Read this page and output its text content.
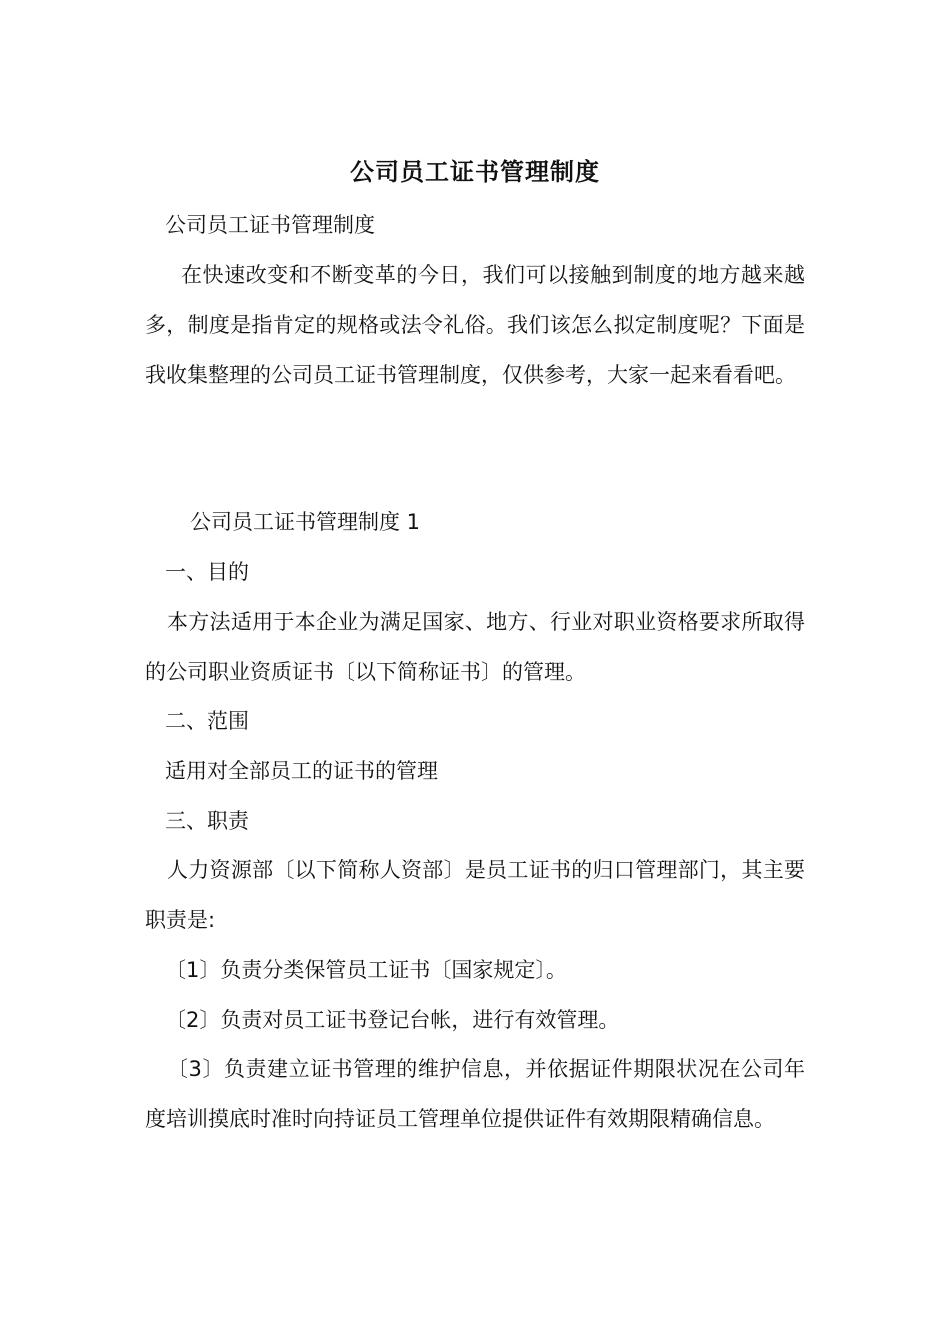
公司员工证书管理制度
公司员工证书管理制度
在快速改变和不断变革的今日，我们可以接触到制度的地方越来越多，制度是指肯定的规格或法令礼俗。我们该怎么拟定制度呢？下面是我收集整理的公司员工证书管理制度，仅供参考，大家一起来看看吧。
公司员工证书管理制度 1
一、目的
本方法适用于本企业为满足国家、地方、行业对职业资格要求所取得的公司职业资质证书〔以下简称证书〕的管理。
二、范围
适用对全部员工的证书的管理
三、职责
人力资源部〔以下简称人资部〕是员工证书的归口管理部门，其主要职责是:
〔1〕负责分类保管员工证书〔国家规定〕。
〔2〕负责对员工证书登记台帐，进行有效管理。
〔3〕负责建立证书管理的维护信息，并依据证件期限状况在公司年度培训摸底时准时向持证员工管理单位提供证件有效期限精确信息。
